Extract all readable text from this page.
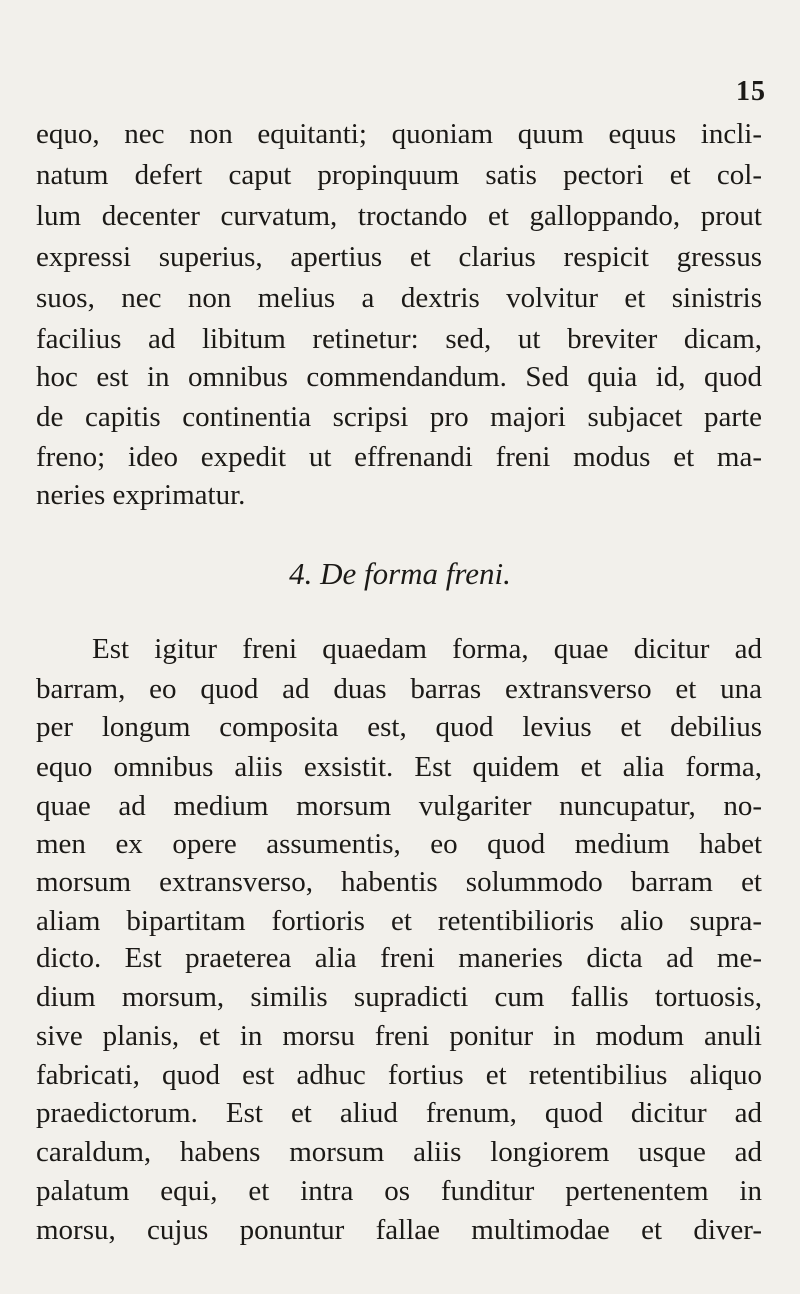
15
equo, nec non equitanti; quoniam quum equus incli-
natum defert caput propinquum satis pectori et col-
lum decenter curvatum, troctando et galloppando, prout
expressi superius, apertius et clarius respicit gressus
suos, nec non melius a dextris volvitur et sinistris
facilius ad libitum retinetur: sed, ut breviter dicam,
hoc est in omnibus commendandum. Sed quia id, quod
de capitis continentia scripsi pro majori subjacet parte
freno; ideo expedit ut effrenandi freni modus et ma-
neries exprimatur.
4. De forma freni.
Est igitur freni quaedam forma, quae dicitur ad
barram, eo quod ad duas barras extransverso et una
per longum composita est, quod levius et debilius
equo omnibus aliis exsistit. Est quidem et alia forma,
quae ad medium morsum vulgariter nuncupatur, no-
men ex opere assumentis, eo quod medium habet
morsum extransverso, habentis solummodo barram et
aliam bipartitam fortioris et retentibilioris alio supra-
dicto. Est praeterea alia freni maneries dicta ad me-
dium morsum, similis supradicti cum fallis tortuosis,
sive planis, et in morsu freni ponitur in modum anuli
fabricati, quod est adhuc fortius et retentibilius aliquo
praedictorum. Est et aliud frenum, quod dicitur ad
caraldum, habens morsum aliis longiorem usque ad
palatum equi, et intra os funditur pertenentem in
morsu, cujus ponuntur fallae multimodae et diver-
